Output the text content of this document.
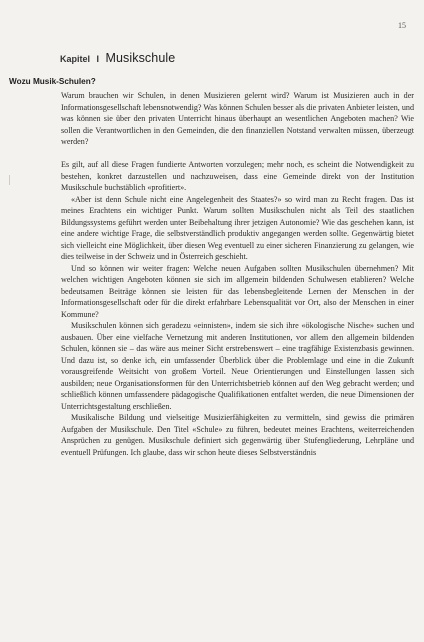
15
Kapitel I Musikschule
Wozu Musik-Schulen?

Warum brauchen wir Schulen, in denen Musizieren gelernt wird? Warum ist Musizieren auch in der Informationsgesellschaft lebensnotwendig? Was können Schulen besser als die privaten Anbieter leisten, und was können sie über den privaten Unterricht hinaus überhaupt an wesentlichen Angeboten machen? Wie sollen die Verantwortlichen in den Gemeinden, die den finanziellen Notstand verwalten müssen, überzeugt werden?

Es gilt, auf all diese Fragen fundierte Antworten vorzulegen; mehr noch, es scheint die Notwendigkeit zu bestehen, konkret darzustellen und nachzuweisen, dass eine Gemeinde direkt von der Institution Musikschule buchstäblich «profitiert».

«Aber ist denn Schule nicht eine Angelegenheit des Staates?» so wird man zu Recht fragen. Das ist meines Erachtens ein wichtiger Punkt. Warum sollten Musikschulen nicht als Teil des staatlichen Bildungssystems geführt werden unter Beibehaltung ihrer jetzigen Autonomie? Wie das geschehen kann, ist eine andere wichtige Frage, die selbstverständlich produktiv angegangen werden sollte. Gegenwärtig bietet sich vielleicht eine Möglichkeit, über diesen Weg eventuell zu einer sicheren Finanzierung zu gelangen, wie dies teilweise in der Schweiz und in Österreich geschieht.

Und so können wir weiter fragen: Welche neuen Aufgaben sollten Musikschulen übernehmen? Mit welchen wichtigen Angeboten können sie sich im allgemein bildenden Schulwesen etablieren? Welche bedeutsamen Beiträge können sie leisten für das lebensbegleitende Lernen der Menschen in der Informationsgesellschaft oder für die direkt erfahrbare Lebensqualität vor Ort, also der Menschen in einer Kommune?

Musikschulen können sich geradezu «einnisten», indem sie sich ihre «ökologische Nische» suchen und ausbauen. Über eine vielfache Vernetzung mit anderen Institutionen, vor allem den allgemein bildenden Schulen, können sie – das wäre aus meiner Sicht erstrebenswert – eine tragfähige Existenzbasis gewinnen. Und dazu ist, so denke ich, ein umfassender Überblick über die Problemlage und eine in die Zukunft vorausgreifende Weitsicht von großem Vorteil. Neue Orientierungen und Einstellungen lassen sich ausbilden; neue Organisationsformen für den Unterrichtsbetrieb können auf den Weg gebracht werden; und schließlich können umfassendere pädagogische Qualifikationen entfaltet werden, die neue Dimensionen der Unterrichtsgestaltung erschließen.

Musikalische Bildung und vielseitige Musizierfähigkeiten zu vermitteln, sind gewiss die primären Aufgaben der Musikschule. Den Titel «Schule» zu führen, bedeutet meines Erachtens, weiterreichenden Ansprüchen zu genügen. Musikschule definiert sich gegenwärtig über Stufengliederung, Lehrpläne und eventuell Prüfungen. Ich glaube, dass wir schon heute dieses Selbstverständnis
